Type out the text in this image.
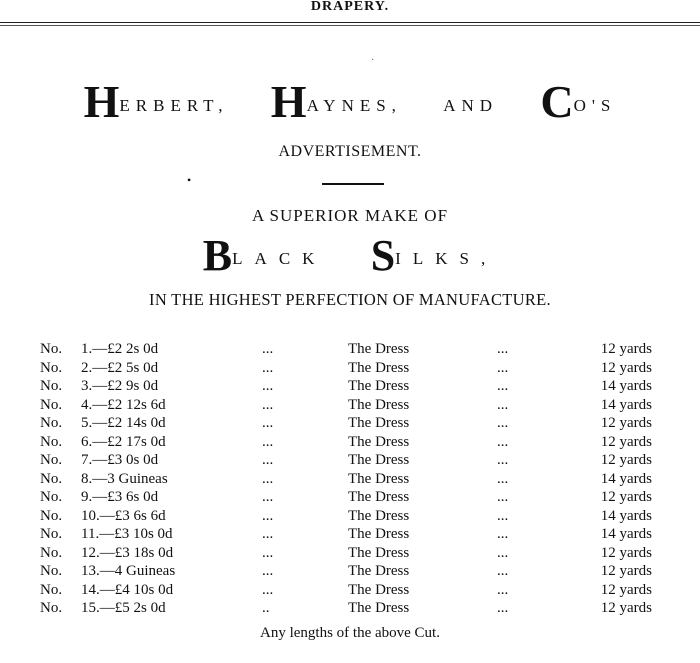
DRAPERY.
·
HERBERT, HAYNES, AND CO'S
ADVERTISEMENT.
•
A SUPERIOR MAKE OF
BLACK SILKS,
IN THE HIGHEST PERFECTION OF MANUFACTURE.
No. 1.—£2 2s 0d	...	The Dress	...	12 yards
No. 2.—£2 5s 0d	...	The Dress	...	12 yards
No. 3.—£2 9s 0d	...	The Dress	...	14 yards
No. 4.—£2 12s 6d	...	The Dress	...	14 yards
No. 5.—£2 14s 0d	...	The Dress	...	12 yards
No. 6.—£2 17s 0d	...	The Dress	...	12 yards
No. 7.—£3 0s 0d	...	The Dress	...	12 yards
No. 8.—3 Guineas	...	The Dress	...	14 yards
No. 9.—£3 6s 0d	...	The Dress	...	12 yards
No. 10.—£3 6s 6d	...	The Dress	...	14 yards
No. 11.—£3 10s 0d	...	The Dress	...	14 yards
No. 12.—£3 18s 0d	...	The Dress	...	12 yards
No. 13.—4 Guineas	...	The Dress	...	12 yards
No. 14.—£4 10s 0d	...	The Dress	...	12 yards
No. 15.—£5 2s 0d	..	The Dress	...	12 yards
Any lengths of the above Cut.
